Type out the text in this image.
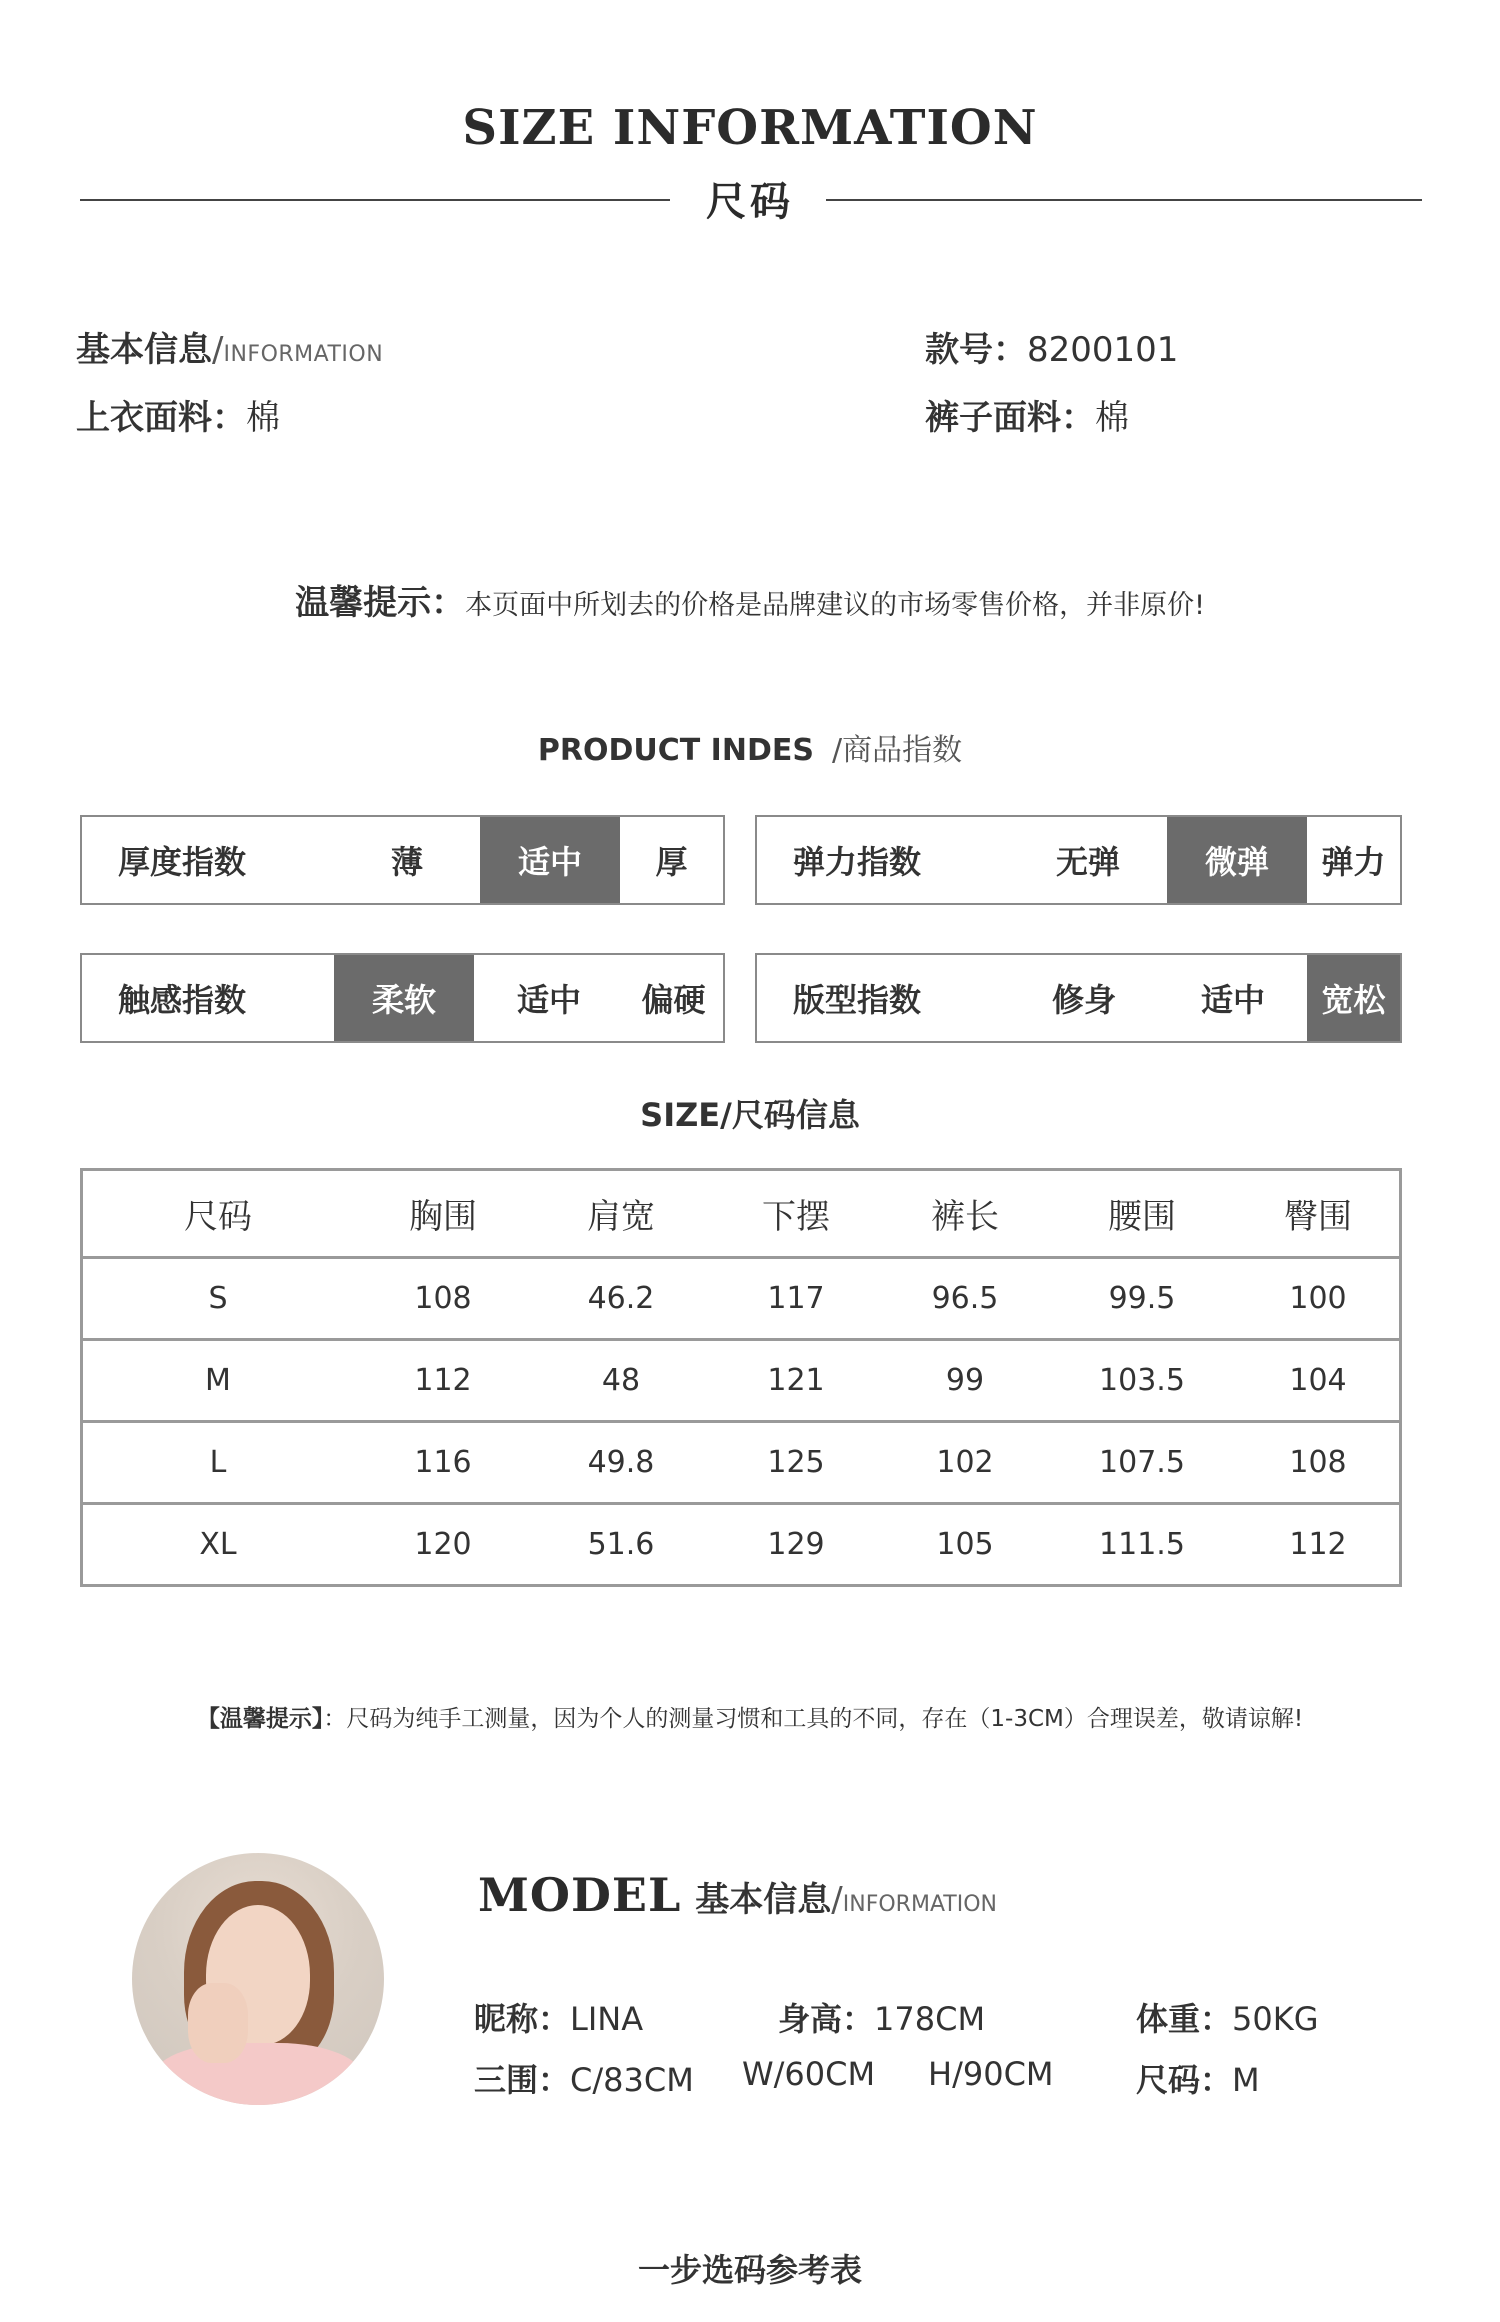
SIZE INFORMATION
尺码
基本信息/INFORMATION	款号：8200101
上衣面料：棉	裤子面料：棉
温馨提示：本页面中所划去的价格是品牌建议的市场零售价格，并非原价!
PRODUCT INDES /商品指数
厚度指数	薄	适中	厚	弹力指数	无弹	微弹	弹力
触感指数	柔软	适中	偏硬	版型指数	修身	适中	宽松
SIZE/尺码信息
尺码	胸围	肩宽	下摆	裤长	腰围	臀围
S	108	46.2	117	96.5	99.5	100
M	112	48	121	99	103.5	104
L	116	49.8	125	102	107.5	108
XL	120	51.6	129	105	111.5	112
【温馨提示】：尺码为纯手工测量，因为个人的测量习惯和工具的不同，存在（1-3CM）合理误差，敬请谅解!
MODEL 基本信息/INFORMATION
昵称：LINA	身高：178CM	体重：50KG
三围：C/83CM W/60CM H/90CM	尺码：M
一步选码参考表
